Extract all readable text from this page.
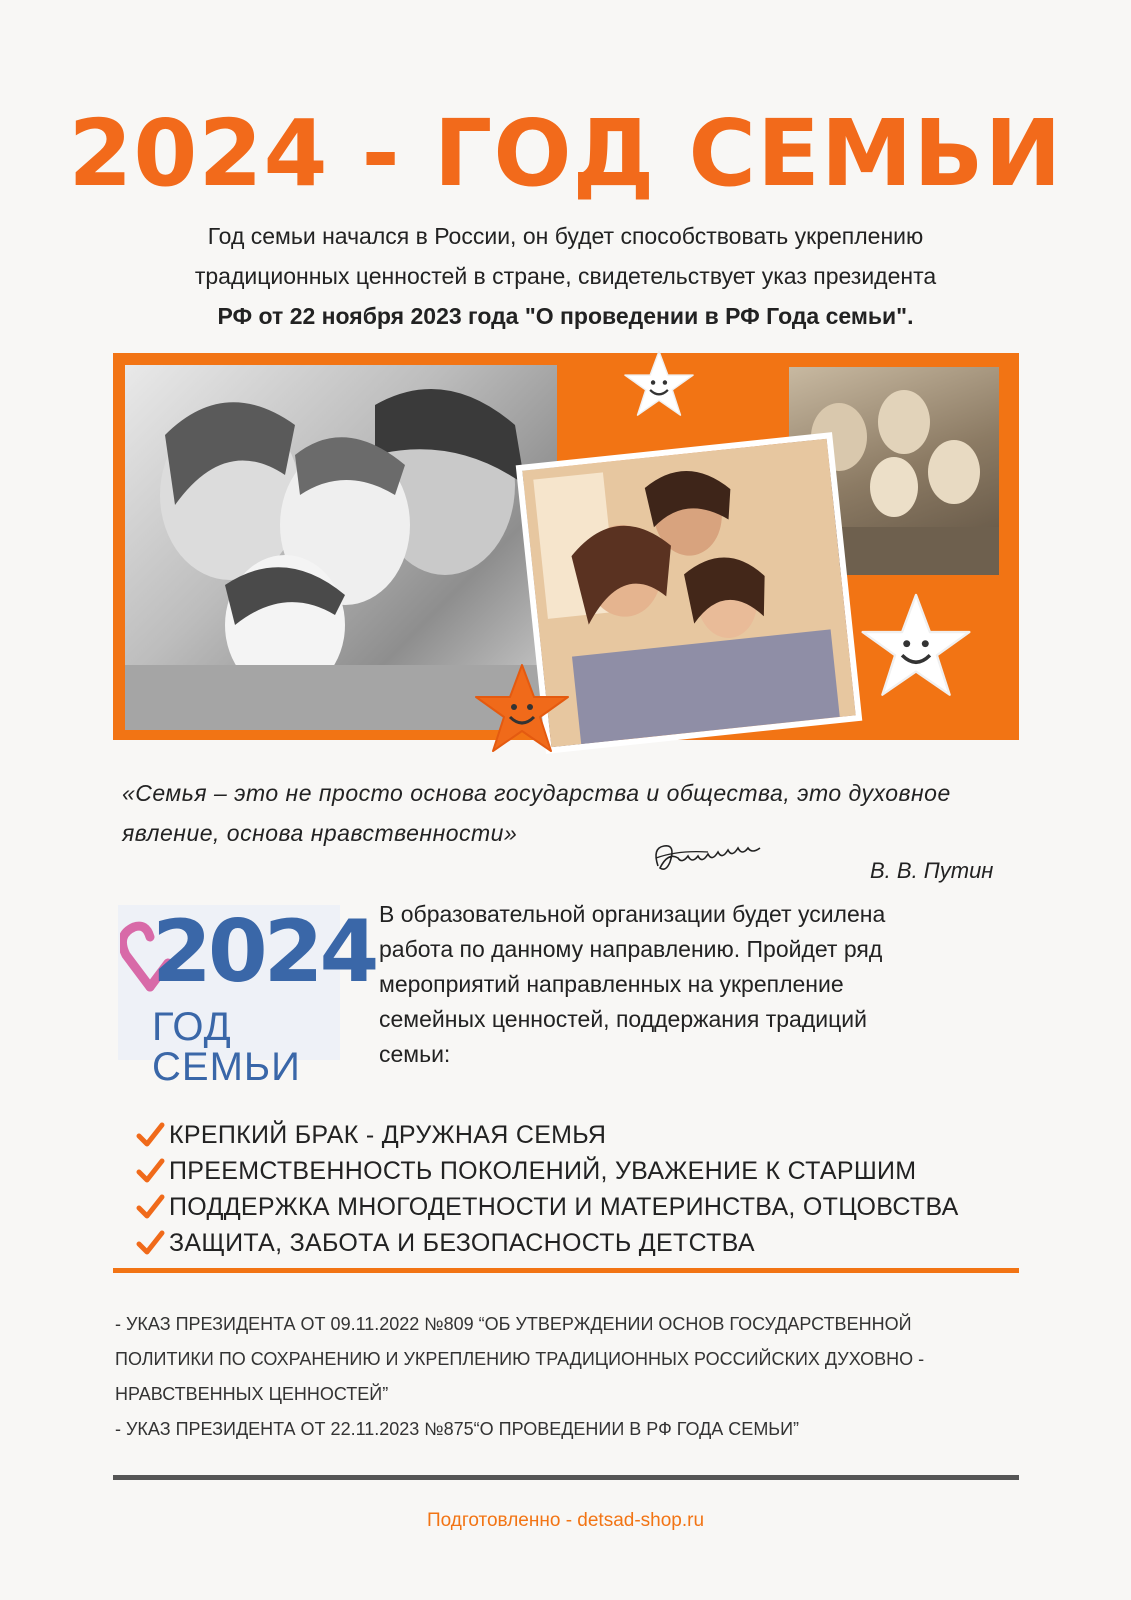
2024 - ГОД СЕМЬИ
Год семьи начался в России, он будет способствовать укреплению
традиционных ценностей в стране, свидетельствует указ президента
РФ от 22 ноября 2023 года "О проведении в РФ Года семьи".
«Семья – это не просто основа государства и общества, это духовное
явление, основа нравственности»
В. В. Путин
2024
ГОД СЕМЬИ
В образовательной организации будет усилена
работа по данному направлению. Пройдет ряд
мероприятий направленных на укрепление
семейных ценностей, поддержания традиций
семьи:
КРЕПКИЙ БРАК - ДРУЖНАЯ СЕМЬЯ
ПРЕЕМСТВЕННОСТЬ ПОКОЛЕНИЙ, УВАЖЕНИЕ К СТАРШИМ
ПОДДЕРЖКА МНОГОДЕТНОСТИ И МАТЕРИНСТВА, ОТЦОВСТВА
ЗАЩИТА, ЗАБОТА И БЕЗОПАСНОСТЬ ДЕТСТВА
- УКАЗ ПРЕЗИДЕНТА ОТ 09.11.2022 №809 “ОБ УТВЕРЖДЕНИИ ОСНОВ ГОСУДАРСТВЕННОЙ
ПОЛИТИКИ ПО СОХРАНЕНИЮ И УКРЕПЛЕНИЮ ТРАДИЦИОННЫХ РОССИЙСКИХ ДУХОВНО -
НРАВСТВЕННЫХ ЦЕННОСТЕЙ”
- УКАЗ ПРЕЗИДЕНТА ОТ 22.11.2023 №875“О ПРОВЕДЕНИИ В РФ ГОДА СЕМЬИ”
Подготовленно - detsad-shop.ru
